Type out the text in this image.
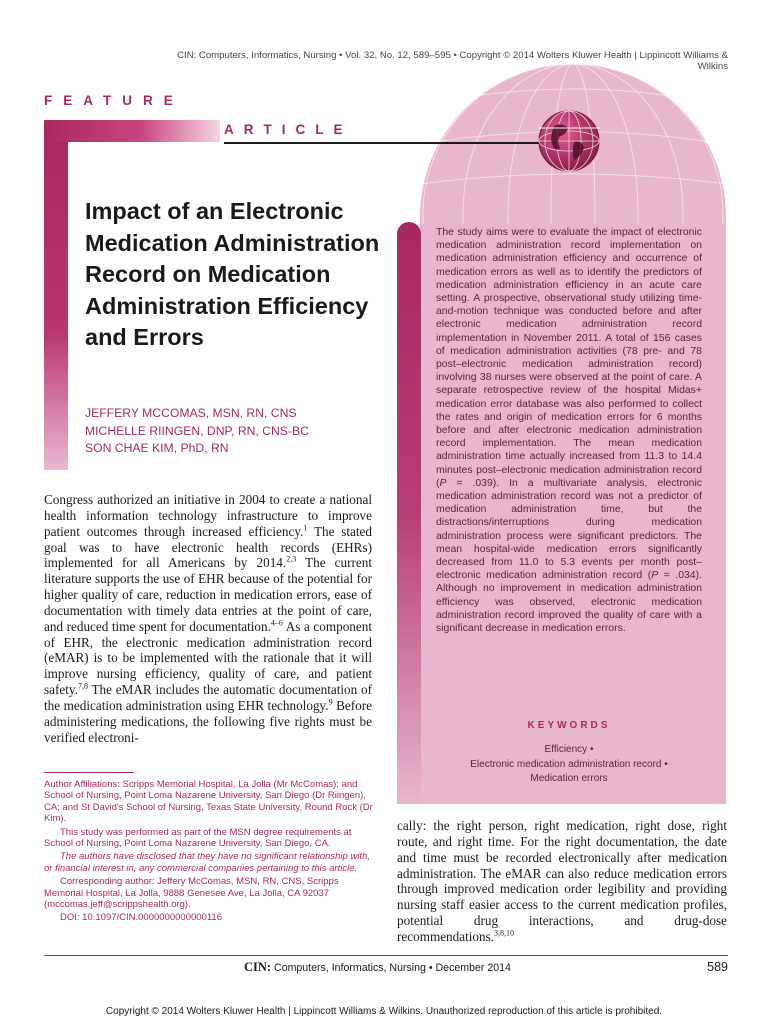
CIN: Computers, Informatics, Nursing • Vol. 32, No. 12, 589–595 • Copyright © 2014 Wolters Kluwer Health | Lippincott Williams & Wilkins
FEATURE
ARTICLE
Impact of an Electronic Medication Administration Record on Medication Administration Efficiency and Errors
JEFFERY MCCOMAS, MSN, RN, CNS
MICHELLE RIINGEN, DNP, RN, CNS-BC
SON CHAE KIM, PhD, RN
The study aims were to evaluate the impact of electronic medication administration record implementation on medication administration efficiency and occurrence of medication errors as well as to identify the predictors of medication administration efficiency in an acute care setting. A prospective, observational study utilizing time-and-motion technique was conducted before and after electronic medication administration record implementation in November 2011. A total of 156 cases of medication administration activities (78 pre- and 78 post–electronic medication administration record) involving 38 nurses were observed at the point of care. A separate retrospective review of the hospital Midas+ medication error database was also performed to collect the rates and origin of medication errors for 6 months before and after electronic medication administration record implementation. The mean medication administration time actually increased from 11.3 to 14.4 minutes post–electronic medication administration record (P = .039). In a multivariate analysis, electronic medication administration record was not a predictor of medication administration time, but the distractions/interruptions during medication administration process were significant predictors. The mean hospital-wide medication errors significantly decreased from 11.0 to 5.3 events per month post–electronic medication administration record (P = .034). Although no improvement in medication administration efficiency was observed, electronic medication administration record improved the quality of care with a significant decrease in medication errors.
KEYWORDS
Efficiency •
Electronic medication administration record •
Medication errors
Congress authorized an initiative in 2004 to create a national health information technology infrastructure to improve patient outcomes through increased efficiency.$^1$ The stated goal was to have electronic health records (EHRs) implemented for all Americans by 2014.$^{2,3}$ The current literature supports the use of EHR because of the potential for higher quality of care, reduction in medication errors, ease of documentation with timely data entries at the point of care, and reduced time spent for documentation.$^{4-6}$ As a component of EHR, the electronic medication administration record (eMAR) is to be implemented with the rationale that it will improve nursing efficiency, quality of care, and patient safety.$^{7,8}$ The eMAR includes the automatic documentation of the medication administration using EHR technology.$^9$ Before administering medications, the following five rights must be verified electroni-
cally: the right person, right medication, right dose, right route, and right time. For the right documentation, the date and time must be recorded electronically after medication administration. The eMAR can also reduce medication errors through improved medication order legibility and providing nursing staff easier access to the current medication profiles, potential drug interactions, and drug-dose recommendations.$^{3,8,10}$

Author Affiliations: Scripps Memorial Hospital, La Jolla (Mr McComas); and School of Nursing, Point Loma Nazarene University, San Diego (Dr Riingen), CA; and St David's School of Nursing, Texas State University, Round Rock (Dr Kim).

This study was performed as part of the MSN degree requirements at School of Nursing, Point Loma Nazarene University, San Diego, CA.

The authors have disclosed that they have no significant relationship with, or financial interest in, any commercial companies pertaining to this article.

Corresponding author: Jeffery McComas, MSN, RN, CNS, Scripps Memorial Hospital, La Jolla, 9888 Genesee Ave, La Jolla, CA 92037 (mccomas.jeff@scrippshealth.org).

DOI: 10.1097/CIN.0000000000000116

CIN: Computers, Informatics, Nursing • December 2014	589
Copyright © 2014 Wolters Kluwer Health | Lippincott Williams & Wilkins. Unauthorized reproduction of this article is prohibited.
